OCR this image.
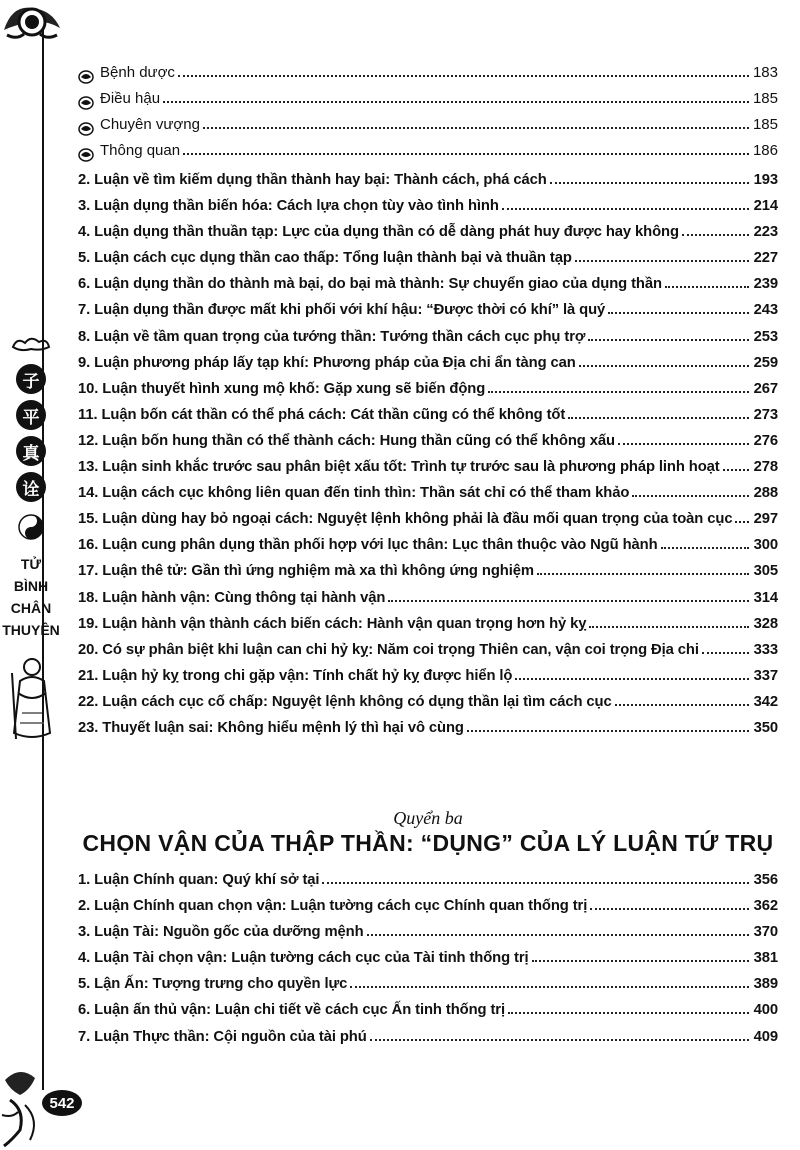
子
平
真
诠
TỬ
BÌNH
CHÂN
THUYÊN
542
Bệnh dược	183
Điều hậu	185
Chuyên vượng	185
Thông quan	186
2. Luận về tìm kiếm dụng thần thành hay bại: Thành cách, phá cách	193
3. Luận dụng thần biến hóa: Cách lựa chọn tùy vào tình hình	214
4. Luận dụng thần thuần tạp: Lực của dụng thần có dễ dàng phát huy được hay không	223
5. Luận cách cục dụng thần cao thấp: Tổng luận thành bại và thuần tạp	227
6. Luận dụng thần do thành mà bại, do bại mà thành: Sự chuyển giao của dụng thần	239
7. Luận dụng thần được mất khi phối với khí hậu: “Được thời có khí” là quý	243
8. Luận về tầm quan trọng của tướng thần: Tướng thần cách cục phụ trợ	253
9. Luận phương pháp lấy tạp khí: Phương pháp của Địa chi ẩn tàng can	259
10. Luận thuyết hình xung mộ khố: Gặp xung sẽ biến động	267
11. Luận bốn cát thần có thể phá cách: Cát thần cũng có thể không tốt	273
12. Luận bốn hung thần có thể thành cách: Hung thần cũng có thể không xấu	276
13. Luận sinh khắc trước sau phân biệt xấu tốt: Trình tự trước sau là phương pháp linh hoạt 278
14. Luận cách cục không liên quan đến tinh thìn: Thần sát chỉ có thể tham khảo	288
15. Luận dùng hay bỏ ngoại cách: Nguyệt lệnh không phải là đầu mối quan trọng của toàn cục 297
16. Luận cung phân dụng thần phối hợp với lục thân: Lục thân thuộc vào Ngũ hành	300
17. Luận thê tử: Gần thì ứng nghiệm mà xa thì không ứng nghiệm	305
18. Luận hành vận: Cùng thông tại hành vận	314
19. Luận hành vận thành cách biến cách: Hành vận quan trọng hơn hỷ kỵ	328
20. Có sự phân biệt khi luận can chi hỷ kỵ: Năm coi trọng Thiên can, vận coi trọng Địa chi	333
21. Luận hỷ kỵ trong chi gặp vận: Tính chất hỷ kỵ được hiển lộ	337
22. Luận cách cục cố chấp: Nguyệt lệnh không có dụng thần lại tìm cách cục	342
23. Thuyết luận sai: Không hiểu mệnh lý thì hại vô cùng	350
Quyển ba
CHỌN VẬN CỦA THẬP THẦN: “DỤNG” CỦA LÝ LUẬN TỨ TRỤ
1. Luận Chính quan: Quý khí sở tại	356
2. Luận Chính quan chọn vận: Luận tường cách cục Chính quan thống trị	362
3. Luận Tài: Nguồn gốc của dưỡng mệnh	370
4. Luận Tài chọn vận: Luận tường cách cục của Tài tinh thống trị	381
5. Lận Ấn: Tượng trưng cho quyền lực	389
6. Luận ấn thủ vận: Luận chi tiết về cách cục Ấn tinh thống trị	400
7. Luận Thực thần: Cội nguồn của tài phú	409
